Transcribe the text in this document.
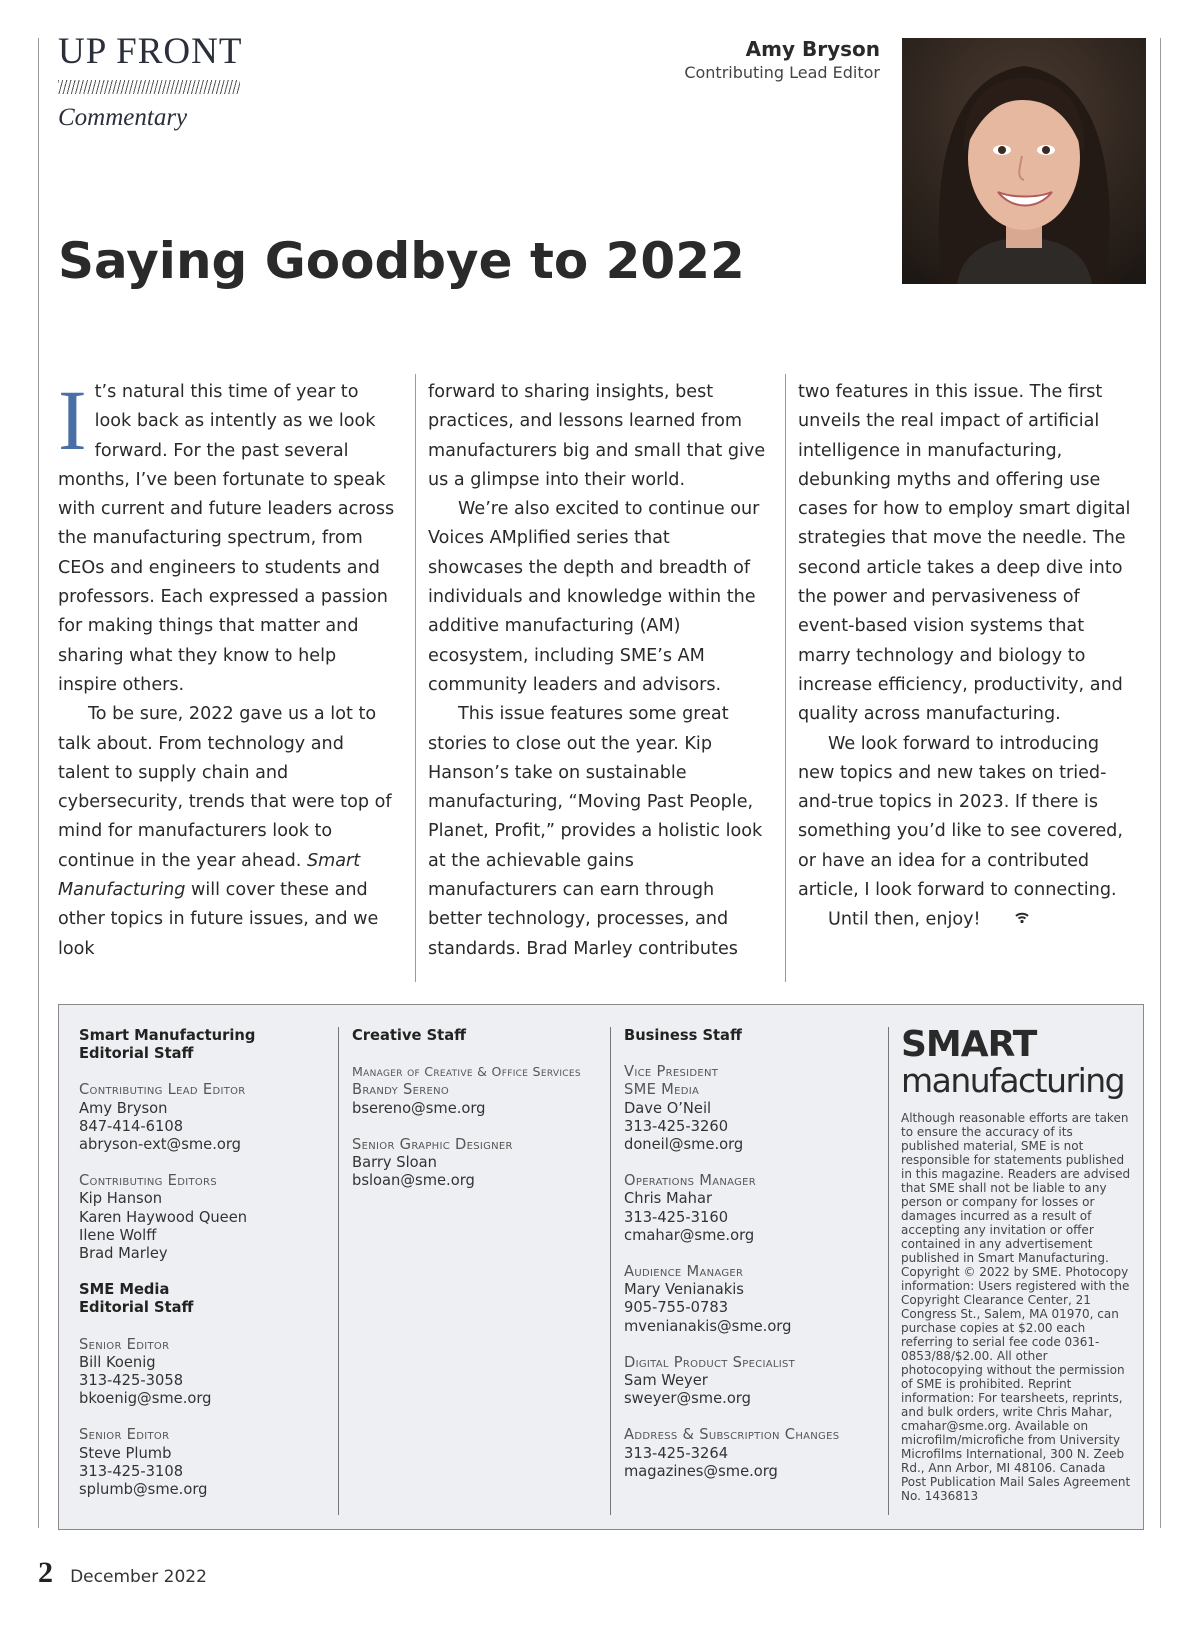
UP FRONT
Commentary
Amy Bryson
Contributing Lead Editor
Saying Goodbye to 2022

It’s natural this time of year to look back as intently as we look forward. For the past several months, I’ve been fortunate to speak with current and future leaders across the manufacturing spectrum, from CEOs and engineers to students and professors. Each expressed a passion for making things that matter and sharing what they know to help inspire others.

To be sure, 2022 gave us a lot to talk about. From technology and talent to supply chain and cybersecurity, trends that were top of mind for manufacturers look to continue in the year ahead. Smart Manufacturing will cover these and other topics in future issues, and we look

forward to sharing insights, best practices, and lessons learned from manufacturers big and small that give us a glimpse into their world.

We’re also excited to continue our Voices AMplified series that showcases the depth and breadth of individuals and knowledge within the additive manufacturing (AM) ecosystem, including SME’s AM community leaders and advisors.

This issue features some great stories to close out the year. Kip Hanson’s take on sustainable manufacturing, “Moving Past People, Planet, Profit,” provides a holistic look at the achievable gains manufacturers can earn through better technology, processes, and standards. Brad Marley contributes

two features in this issue. The first unveils the real impact of artificial intelligence in manufacturing, debunking myths and offering use cases for how to employ smart digital strategies that move the needle. The second article takes a deep dive into the power and pervasiveness of event-based vision systems that marry technology and biology to increase efficiency, productivity, and quality across manufacturing.

We look forward to introducing new topics and new takes on tried-and-true topics in 2023. If there is something you’d like to see covered, or have an idea for a contributed article, I look forward to connecting.

Until then, enjoy!

Smart Manufacturing
Editorial Staff
Contributing Lead Editor
Amy Bryson
847-414-6108
abryson-ext@sme.org
Contributing Editors
Kip Hanson
Karen Haywood Queen
Ilene Wolff
Brad Marley
SME Media
Editorial Staff
Senior Editor
Bill Koenig
313-425-3058
bkoenig@sme.org
Senior Editor
Steve Plumb
313-425-3108
splumb@sme.org
Creative Staff
Manager of Creative & Office Services
Brandy Sereno
bsereno@sme.org
Senior Graphic Designer
Barry Sloan
bsloan@sme.org
Business Staff
Vice President
SME Media
Dave O’Neil
313-425-3260
doneil@sme.org
Operations Manager
Chris Mahar
313-425-3160
cmahar@sme.org
Audience Manager
Mary Venianakis
905-755-0783
mvenianakis@sme.org
Digital Product Specialist
Sam Weyer
sweyer@sme.org
Address & Subscription Changes
313-425-3264
magazines@sme.org
SMART
manufacturing
Although reasonable efforts are taken to ensure the accuracy of its published material, SME is not responsible for statements published in this magazine. Readers are advised that SME shall not be liable to any person or company for losses or damages incurred as a result of accepting any invitation or offer contained in any advertisement published in Smart Manufacturing. Copyright © 2022 by SME. Photocopy information: Users registered with the Copyright Clearance Center, 21 Congress St., Salem, MA 01970, can purchase copies at $2.00 each referring to serial fee code 0361-0853/88/$2.00. All other photocopying without the permission of SME is prohibited. Reprint information: For tearsheets, reprints, and bulk orders, write Chris Mahar, cmahar@sme.org. Available on microfilm/microfiche from University Microfilms International, 300 N. Zeeb Rd., Ann Arbor, MI 48106. Canada Post Publication Mail Sales Agreement No. 1436813
2 December 2022
